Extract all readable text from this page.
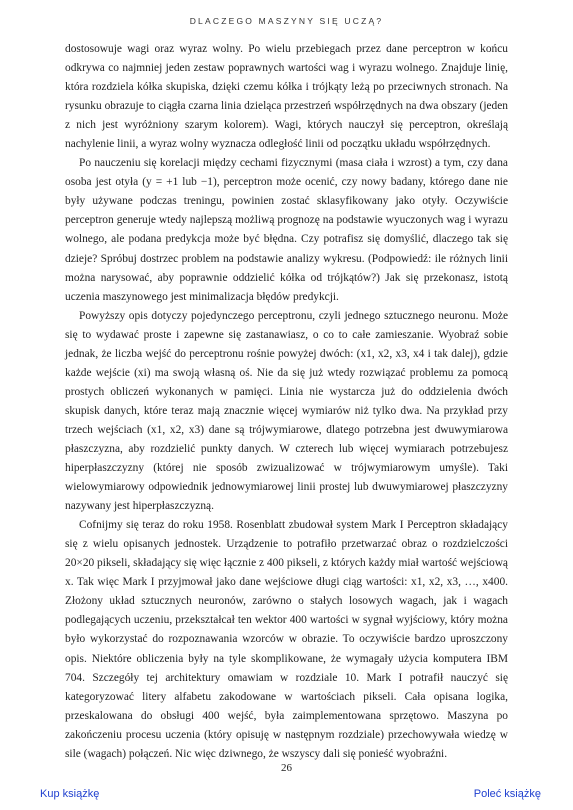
DLACZEGO MASZYNY SIĘ UCZĄ?

dostosowuje wagi oraz wyraz wolny. Po wielu przebiegach przez dane perceptron w końcu odkrywa co najmniej jeden zestaw poprawnych wartości wag i wyrazu wolnego. Znajduje linię, która rozdziela kółka skupiska, dzięki czemu kółka i trójkąty leżą po przeciwnych stronach. Na rysunku obrazuje to ciągła czarna linia dzieląca przestrzeń współrzędnych na dwa obszary (jeden z nich jest wyróżniony szarym kolorem). Wagi, których nauczył się perceptron, określają nachylenie linii, a wyraz wolny wyznacza odległość linii od początku układu współrzędnych.

Po nauczeniu się korelacji między cechami fizycznymi (masa ciała i wzrost) a tym, czy dana osoba jest otyła (y = +1 lub −1), perceptron może ocenić, czy nowy badany, którego dane nie były używane podczas treningu, powinien zostać sklasyfikowany jako otyły. Oczywiście perceptron generuje wtedy najlepszą możliwą prognozę na podstawie wyuczonych wag i wyrazu wolnego, ale podana predykcja może być błędna. Czy potrafisz się domyślić, dlaczego tak się dzieje? Spróbuj dostrzec problem na podstawie analizy wykresu. (Podpowiedź: ile różnych linii można narysować, aby poprawnie oddzielić kółka od trójkątów?) Jak się przekonasz, istotą uczenia maszynowego jest minimalizacja błędów predykcji.

Powyższy opis dotyczy pojedynczego perceptronu, czyli jednego sztucznego neuronu. Może się to wydawać proste i zapewne się zastanawiasz, o co to całe zamieszanie. Wyobraź sobie jednak, że liczba wejść do perceptronu rośnie powyżej dwóch: (x1, x2, x3, x4 i tak dalej), gdzie każde wejście (xi) ma swoją własną oś. Nie da się już wtedy rozwiązać problemu za pomocą prostych obliczeń wykonanych w pamięci. Linia nie wystarcza już do oddzielenia dwóch skupisk danych, które teraz mają znacznie więcej wymiarów niż tylko dwa. Na przykład przy trzech wejściach (x1, x2, x3) dane są trójwymiarowe, dlatego potrzebna jest dwuwymiarowa płaszczyzna, aby rozdzielić punkty danych. W czterech lub więcej wymiarach potrzebujesz hiperpłaszczyzny (której nie sposób zwizualizować w trójwymiarowym umyśle). Taki wielowymiarowy odpowiednik jednowymiarowej linii prostej lub dwuwymiarowej płaszczyzny nazywany jest hiperpłaszczyzną.

Cofnijmy się teraz do roku 1958. Rosenblatt zbudował system Mark I Perceptron składający się z wielu opisanych jednostek. Urządzenie to potrafiło przetwarzać obraz o rozdzielczości 20×20 pikseli, składający się więc łącznie z 400 pikseli, z których każdy miał wartość wejściową x. Tak więc Mark I przyjmował jako dane wejściowe długi ciąg wartości: x1, x2, x3, …, x400. Złożony układ sztucznych neuronów, zarówno o stałych losowych wagach, jak i wagach podlegających uczeniu, przekształcał ten wektor 400 wartości w sygnał wyjściowy, który można było wykorzystać do rozpoznawania wzorców w obrazie. To oczywiście bardzo uproszczony opis. Niektóre obliczenia były na tyle skomplikowane, że wymagały użycia komputera IBM 704. Szczegóły tej architektury omawiam w rozdziale 10. Mark I potrafił nauczyć się kategoryzować litery alfabetu zakodowane w wartościach pikseli. Cała opisana logika, przeskalowana do obsługi 400 wejść, była zaimplementowana sprzętowo. Maszyna po zakończeniu procesu uczenia (który opisuję w następnym rozdziale) przechowywała wiedzę w sile (wagach) połączeń. Nic więc dziwnego, że wszyscy dali się ponieść wyobraźni.

26
Kup książkę	Poleć książkę
